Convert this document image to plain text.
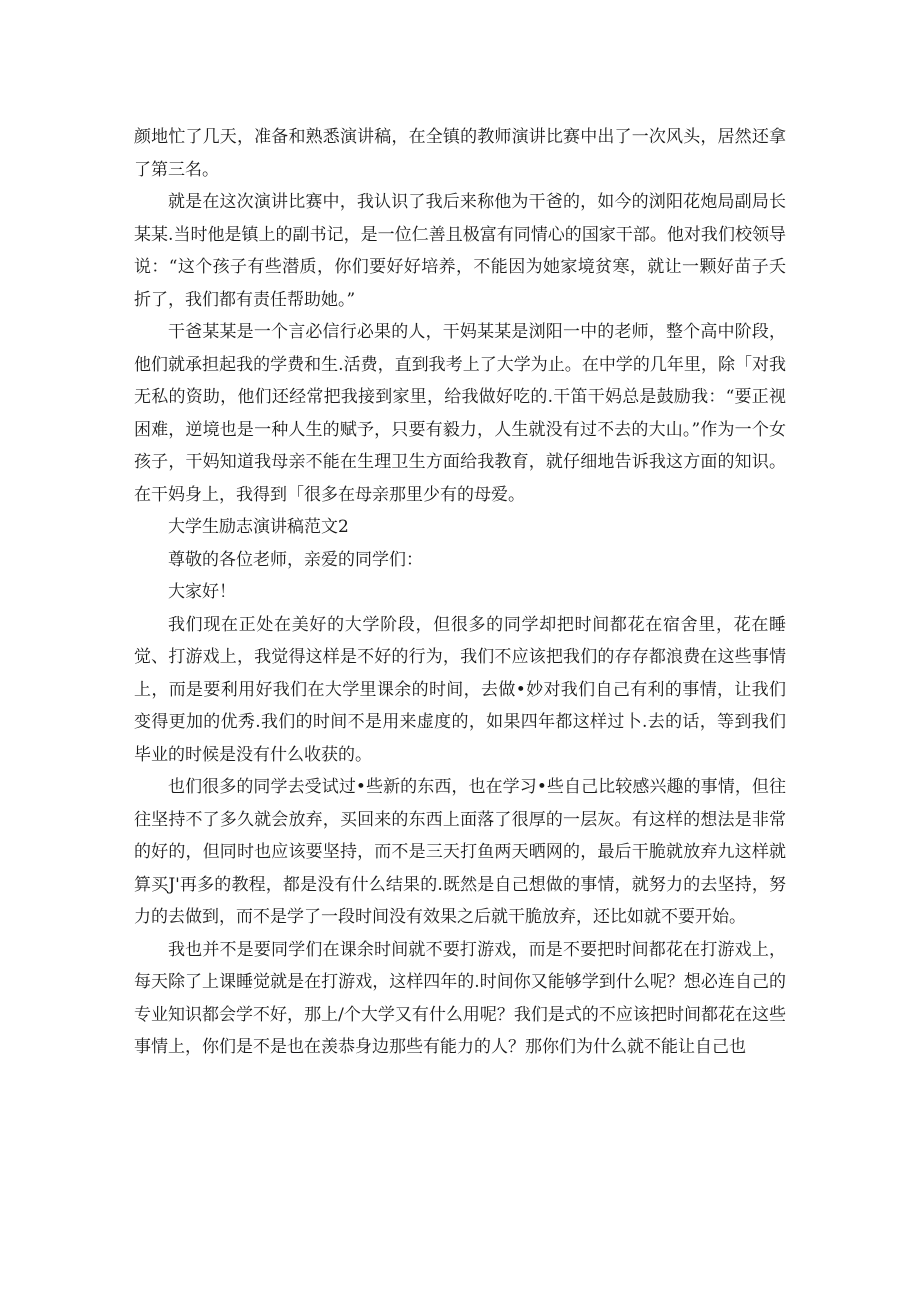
颜地忙了几天，准备和熟悉演讲稿，在全镇的教师演讲比赛中出了一次风头，居然还拿了第三名。

就是在这次演讲比赛中，我认识了我后来称他为干爸的，如今的浏阳花炮局副局长某某.当时他是镇上的副书记，是一位仁善且极富有同情心的国家干部。他对我们校领导说：“这个孩子有些潜质，你们要好好培养，不能因为她家境贫寒，就让一颗好苗子夭折了，我们都有责任帮助她。”

干爸某某是一个言必信行必果的人，干妈某某是浏阳一中的老师，整个高中阶段，他们就承担起我的学费和生.活费，直到我考上了大学为止。在中学的几年里，除「对我无私的资助，他们还经常把我接到家里，给我做好吃的.干笛干妈总是鼓励我：“要正视困难，逆境也是一种人生的赋予，只要有毅力，人生就没有过不去的大山。”作为一个女孩子，干妈知道我母亲不能在生理卫生方面给我教育，就仔细地告诉我这方面的知识。在干妈身上，我得到「很多在母亲那里少有的母爱。

大学生励志演讲稿范文2

尊敬的各位老师，亲爱的同学们：

大家好！

我们现在正处在美好的大学阶段，但很多的同学却把时间都花在宿舍里，花在睡觉、打游戏上，我觉得这样是不好的行为，我们不应该把我们的存存都浪费在这些事情上，而是要利用好我们在大学里课余的时间，去做•妙对我们自己有利的事情，让我们变得更加的优秀.我们的时间不是用来虚度的，如果四年都这样过卜.去的话，等到我们毕业的时候是没有什么收获的。

也们很多的同学去受试过•些新的东西，也在学习•些自己比较感兴趣的事情，但往往坚持不了多久就会放弃，买回来的东西上面落了很厚的一层灰。有这样的想法是非常的好的，但同时也应该要坚持，而不是三天打鱼两天晒网的，最后干脆就放弃九这样就算买J'再多的教程，都是没有什么结果的.既然是自己想做的事情，就努力的去坚持，努力的去做到，而不是学了一段时间没有效果之后就干脆放弃，还比如就不要开始。

我也并不是要同学们在课余时间就不要打游戏，而是不要把时间都花在打游戏上，每天除了上课睡觉就是在打游戏，这样四年的.时间你又能够学到什么呢？想必连自己的专业知识都会学不好，那上/个大学又有什么用呢？我们是式的不应该把时间都花在这些事情上，你们是不是也在羡恭身边那些有能力的人？那你们为什么就不能让自己也
